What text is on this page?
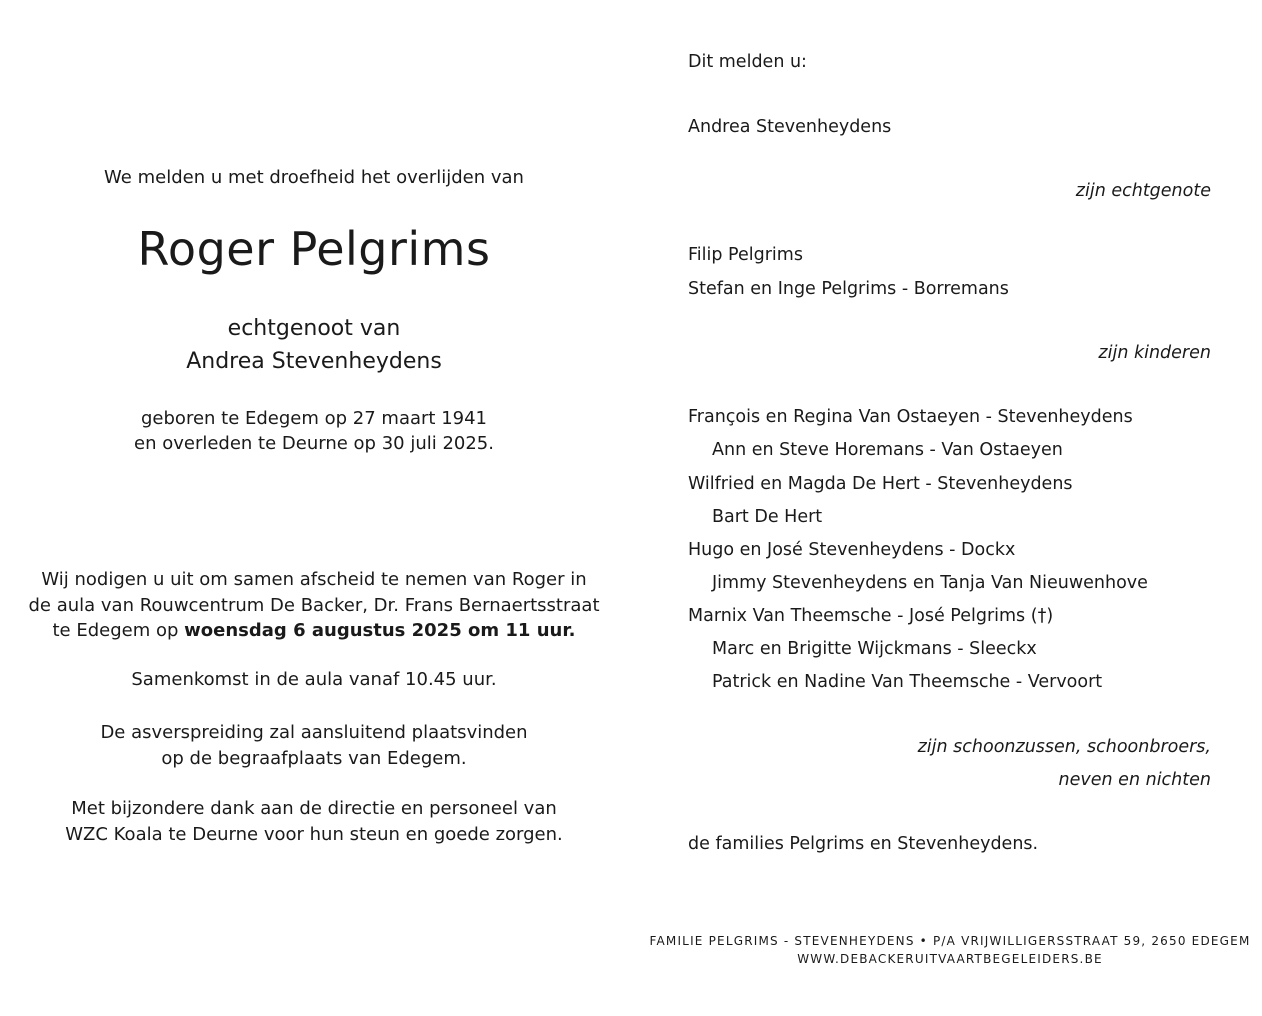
We melden u met droefheid het overlijden van
Roger Pelgrims
echtgenoot van
Andrea Stevenheydens
geboren te Edegem op 27 maart 1941
en overleden te Deurne op 30 juli 2025.
Wij nodigen u uit om samen afscheid te nemen van Roger in
de aula van Rouwcentrum De Backer, Dr. Frans Bernaertsstraat
te Edegem op woensdag 6 augustus 2025 om 11 uur.
Samenkomst in de aula vanaf 10.45 uur.
De asverspreiding zal aansluitend plaatsvinden
op de begraafplaats van Edegem.
Met bijzondere dank aan de directie en personeel van
WZC Koala te Deurne voor hun steun en goede zorgen.
Dit melden u:
Andrea Stevenheydens
zijn echtgenote
Filip Pelgrims
Stefan en Inge Pelgrims - Borremans
zijn kinderen
François en Regina Van Ostaeyen - Stevenheydens
Ann en Steve Horemans - Van Ostaeyen
Wilfried en Magda De Hert - Stevenheydens
Bart De Hert
Hugo en José Stevenheydens - Dockx
Jimmy Stevenheydens en Tanja Van Nieuwenhove
Marnix Van Theemsche - José Pelgrims (†)
Marc en Brigitte Wijckmans - Sleeckx
Patrick en Nadine Van Theemsche - Vervoort
zijn schoonzussen, schoonbroers,
neven en nichten
de families Pelgrims en Stevenheydens.
FAMILIE PELGRIMS - STEVENHEYDENS • P/A VRIJWILLIGERSSTRAAT 59, 2650 EDEGEM
WWW.DEBACKERUITVAARTBEGELEIDERS.BE
